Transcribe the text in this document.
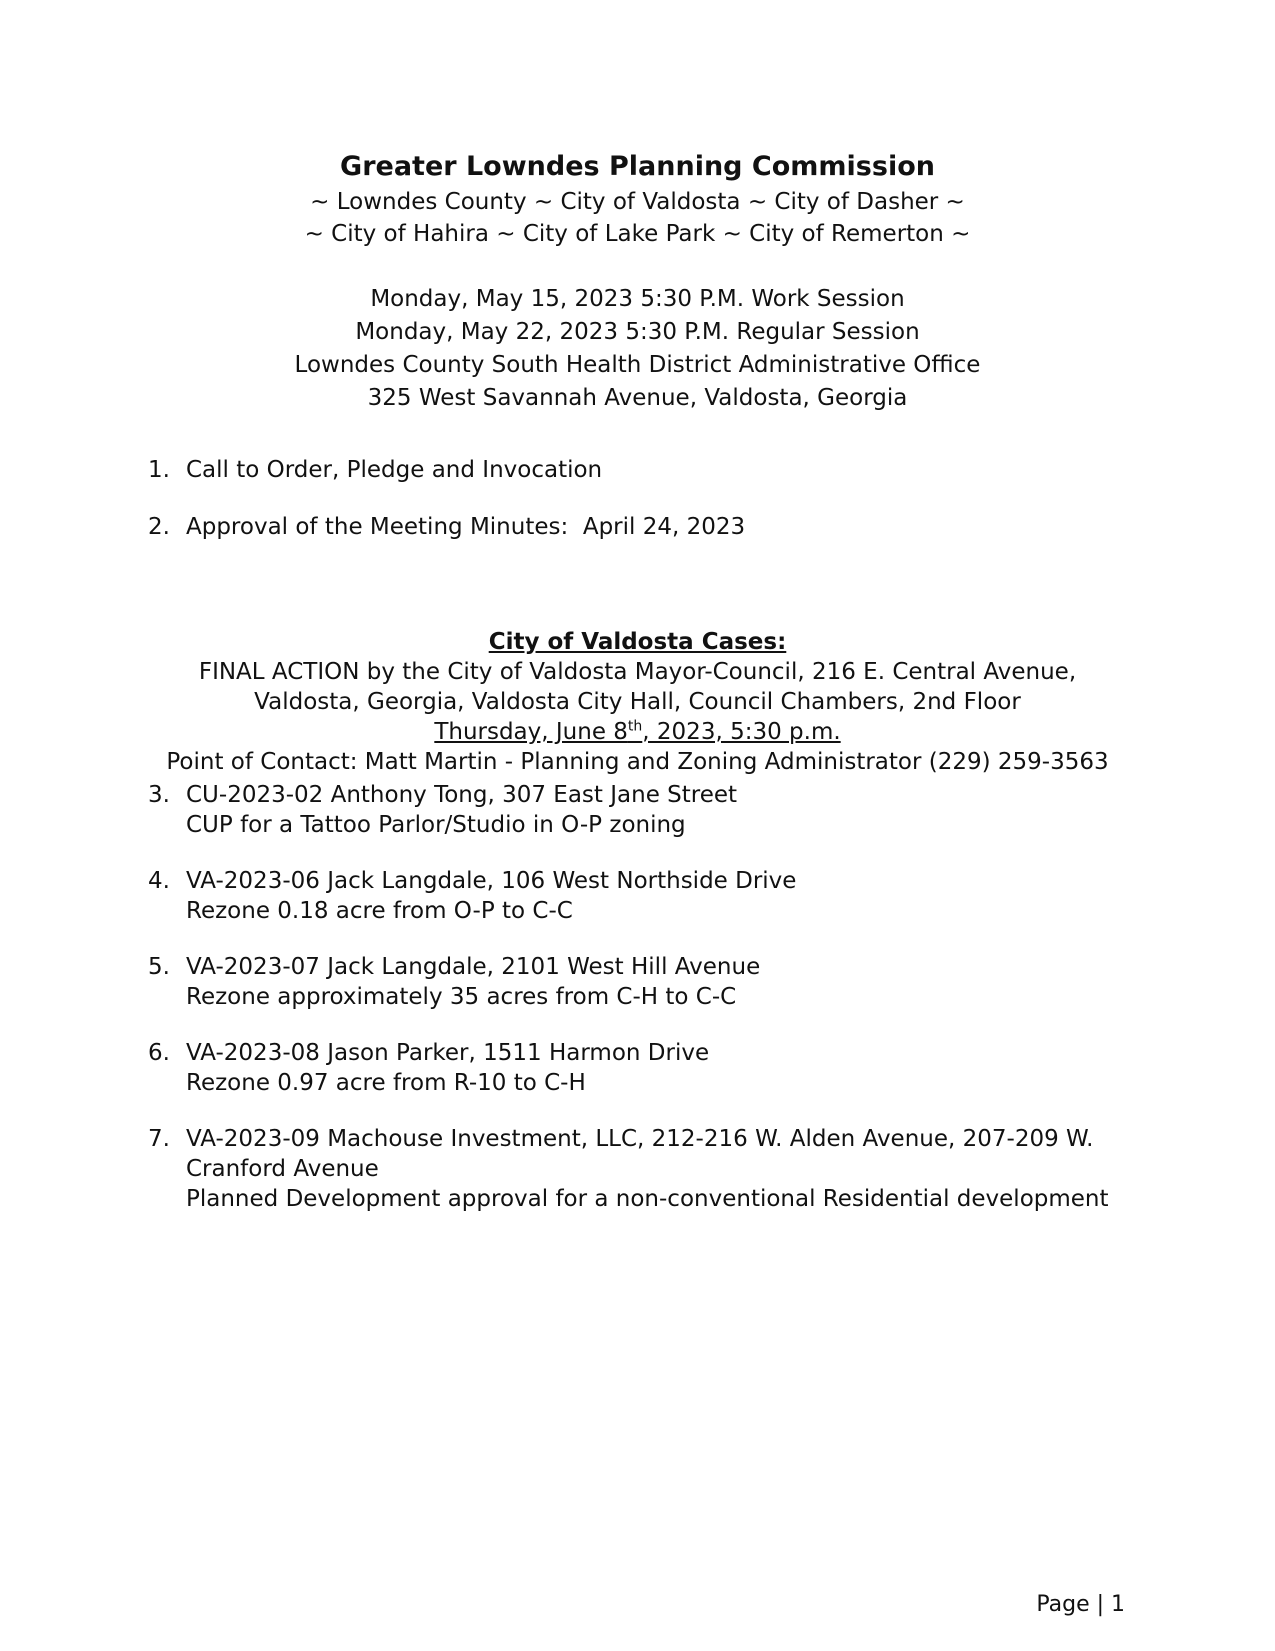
Greater Lowndes Planning Commission
~ Lowndes County ~ City of Valdosta ~ City of Dasher ~
~ City of Hahira ~ City of Lake Park ~ City of Remerton ~
Monday, May 15, 2023 5:30 P.M. Work Session
Monday, May 22, 2023 5:30 P.M. Regular Session
Lowndes County South Health District Administrative Office
325 West Savannah Avenue, Valdosta, Georgia
1. Call to Order, Pledge and Invocation
2. Approval of the Meeting Minutes:  April 24, 2023
City of Valdosta Cases:
FINAL ACTION by the City of Valdosta Mayor-Council, 216 E. Central Avenue,
Valdosta, Georgia, Valdosta City Hall, Council Chambers, 2nd Floor
Thursday, June 8th, 2023, 5:30 p.m.
Point of Contact: Matt Martin - Planning and Zoning Administrator (229) 259-3563
3. CU-2023-02 Anthony Tong, 307 East Jane Street
CUP for a Tattoo Parlor/Studio in O-P zoning
4. VA-2023-06 Jack Langdale, 106 West Northside Drive
Rezone 0.18 acre from O-P to C-C
5. VA-2023-07 Jack Langdale, 2101 West Hill Avenue
Rezone approximately 35 acres from C-H to C-C
6. VA-2023-08 Jason Parker, 1511 Harmon Drive
Rezone 0.97 acre from R-10 to C-H
7. VA-2023-09 Machouse Investment, LLC, 212-216 W. Alden Avenue, 207-209 W.
Cranford Avenue
Planned Development approval for a non-conventional Residential development
Page | 1
